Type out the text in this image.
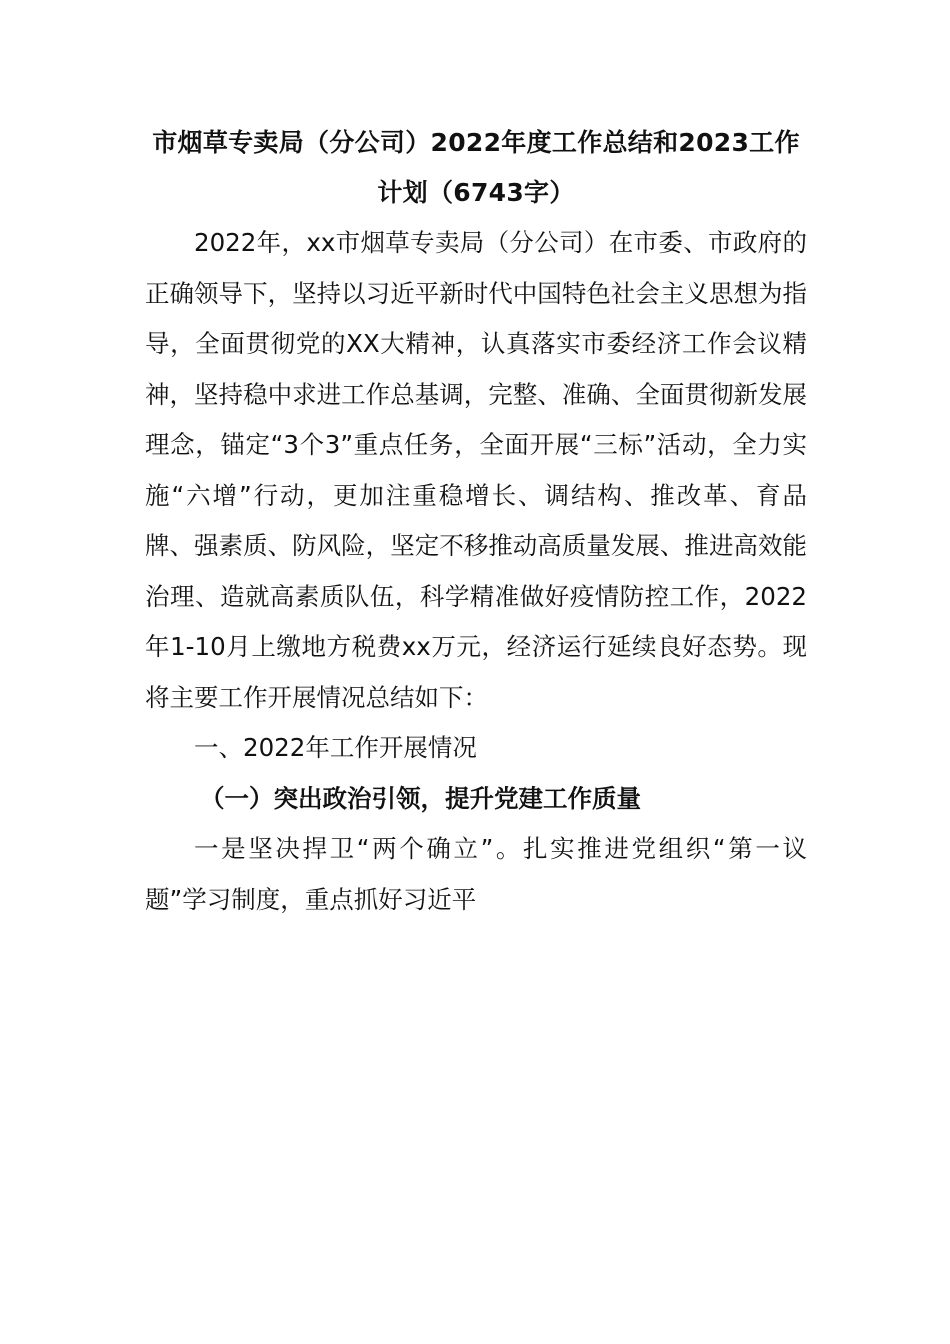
市烟草专卖局（分公司）2022年度工作总结和2023工作计划（6743字）

2022年，xx市烟草专卖局（分公司）在市委、市政府的正确领导下，坚持以习近平新时代中国特色社会主义思想为指导，全面贯彻党的XX大精神，认真落实市委经济工作会议精神，坚持稳中求进工作总基调，完整、准确、全面贯彻新发展理念，锚定“3个3”重点任务，全面开展“三标”活动，全力实施“六增”行动，更加注重稳增长、调结构、推改革、育品牌、强素质、防风险，坚定不移推动高质量发展、推进高效能治理、造就高素质队伍，科学精准做好疫情防控工作，2022年1-10月上缴地方税费xx万元，经济运行延续良好态势。现将主要工作开展情况总结如下：

一、2022年工作开展情况

（一）突出政治引领，提升党建工作质量

一是坚决捍卫“两个确立”。扎实推进党组织“第一议题”学习制度，重点抓好习近平
